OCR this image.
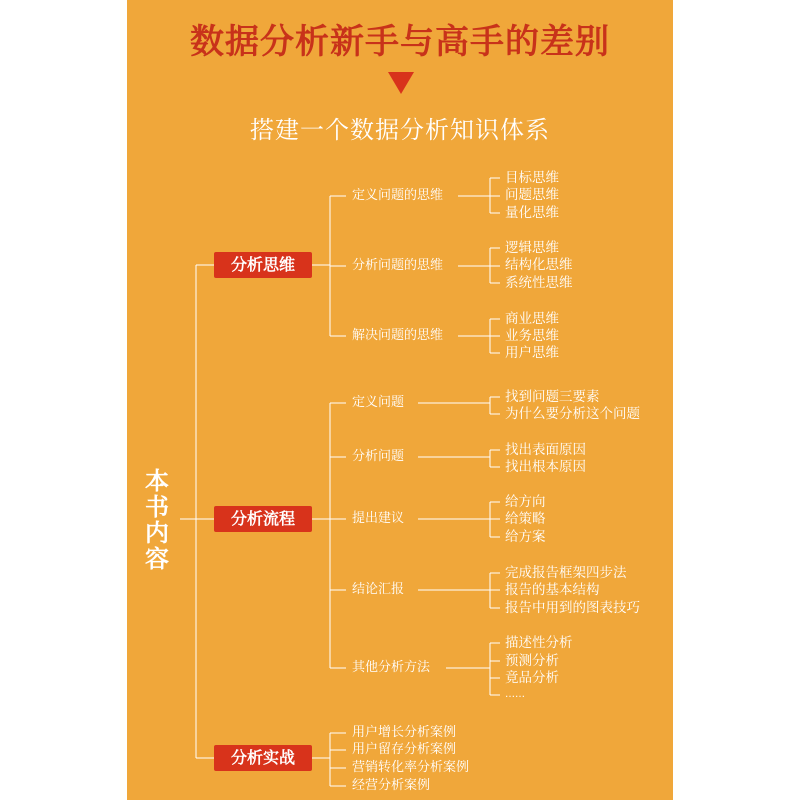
数据分析新手与高手的差别
搭建一个数据分析知识体系
本
书
内
容
分析思维
分析流程
分析实战
定义问题的思维
分析问题的思维
解决问题的思维
目标思维
问题思维
量化思维
逻辑思维
结构化思维
系统性思维
商业思维
业务思维
用户思维
定义问题
分析问题
提出建议
结论汇报
其他分析方法
找到问题三要素
为什么要分析这个问题
找出表面原因
找出根本原因
给方向
给策略
给方案
完成报告框架四步法
报告的基本结构
报告中用到的图表技巧
描述性分析
预测分析
竟品分析
……
用户增长分析案例
用户留存分析案例
营销转化率分析案例
经营分析案例
